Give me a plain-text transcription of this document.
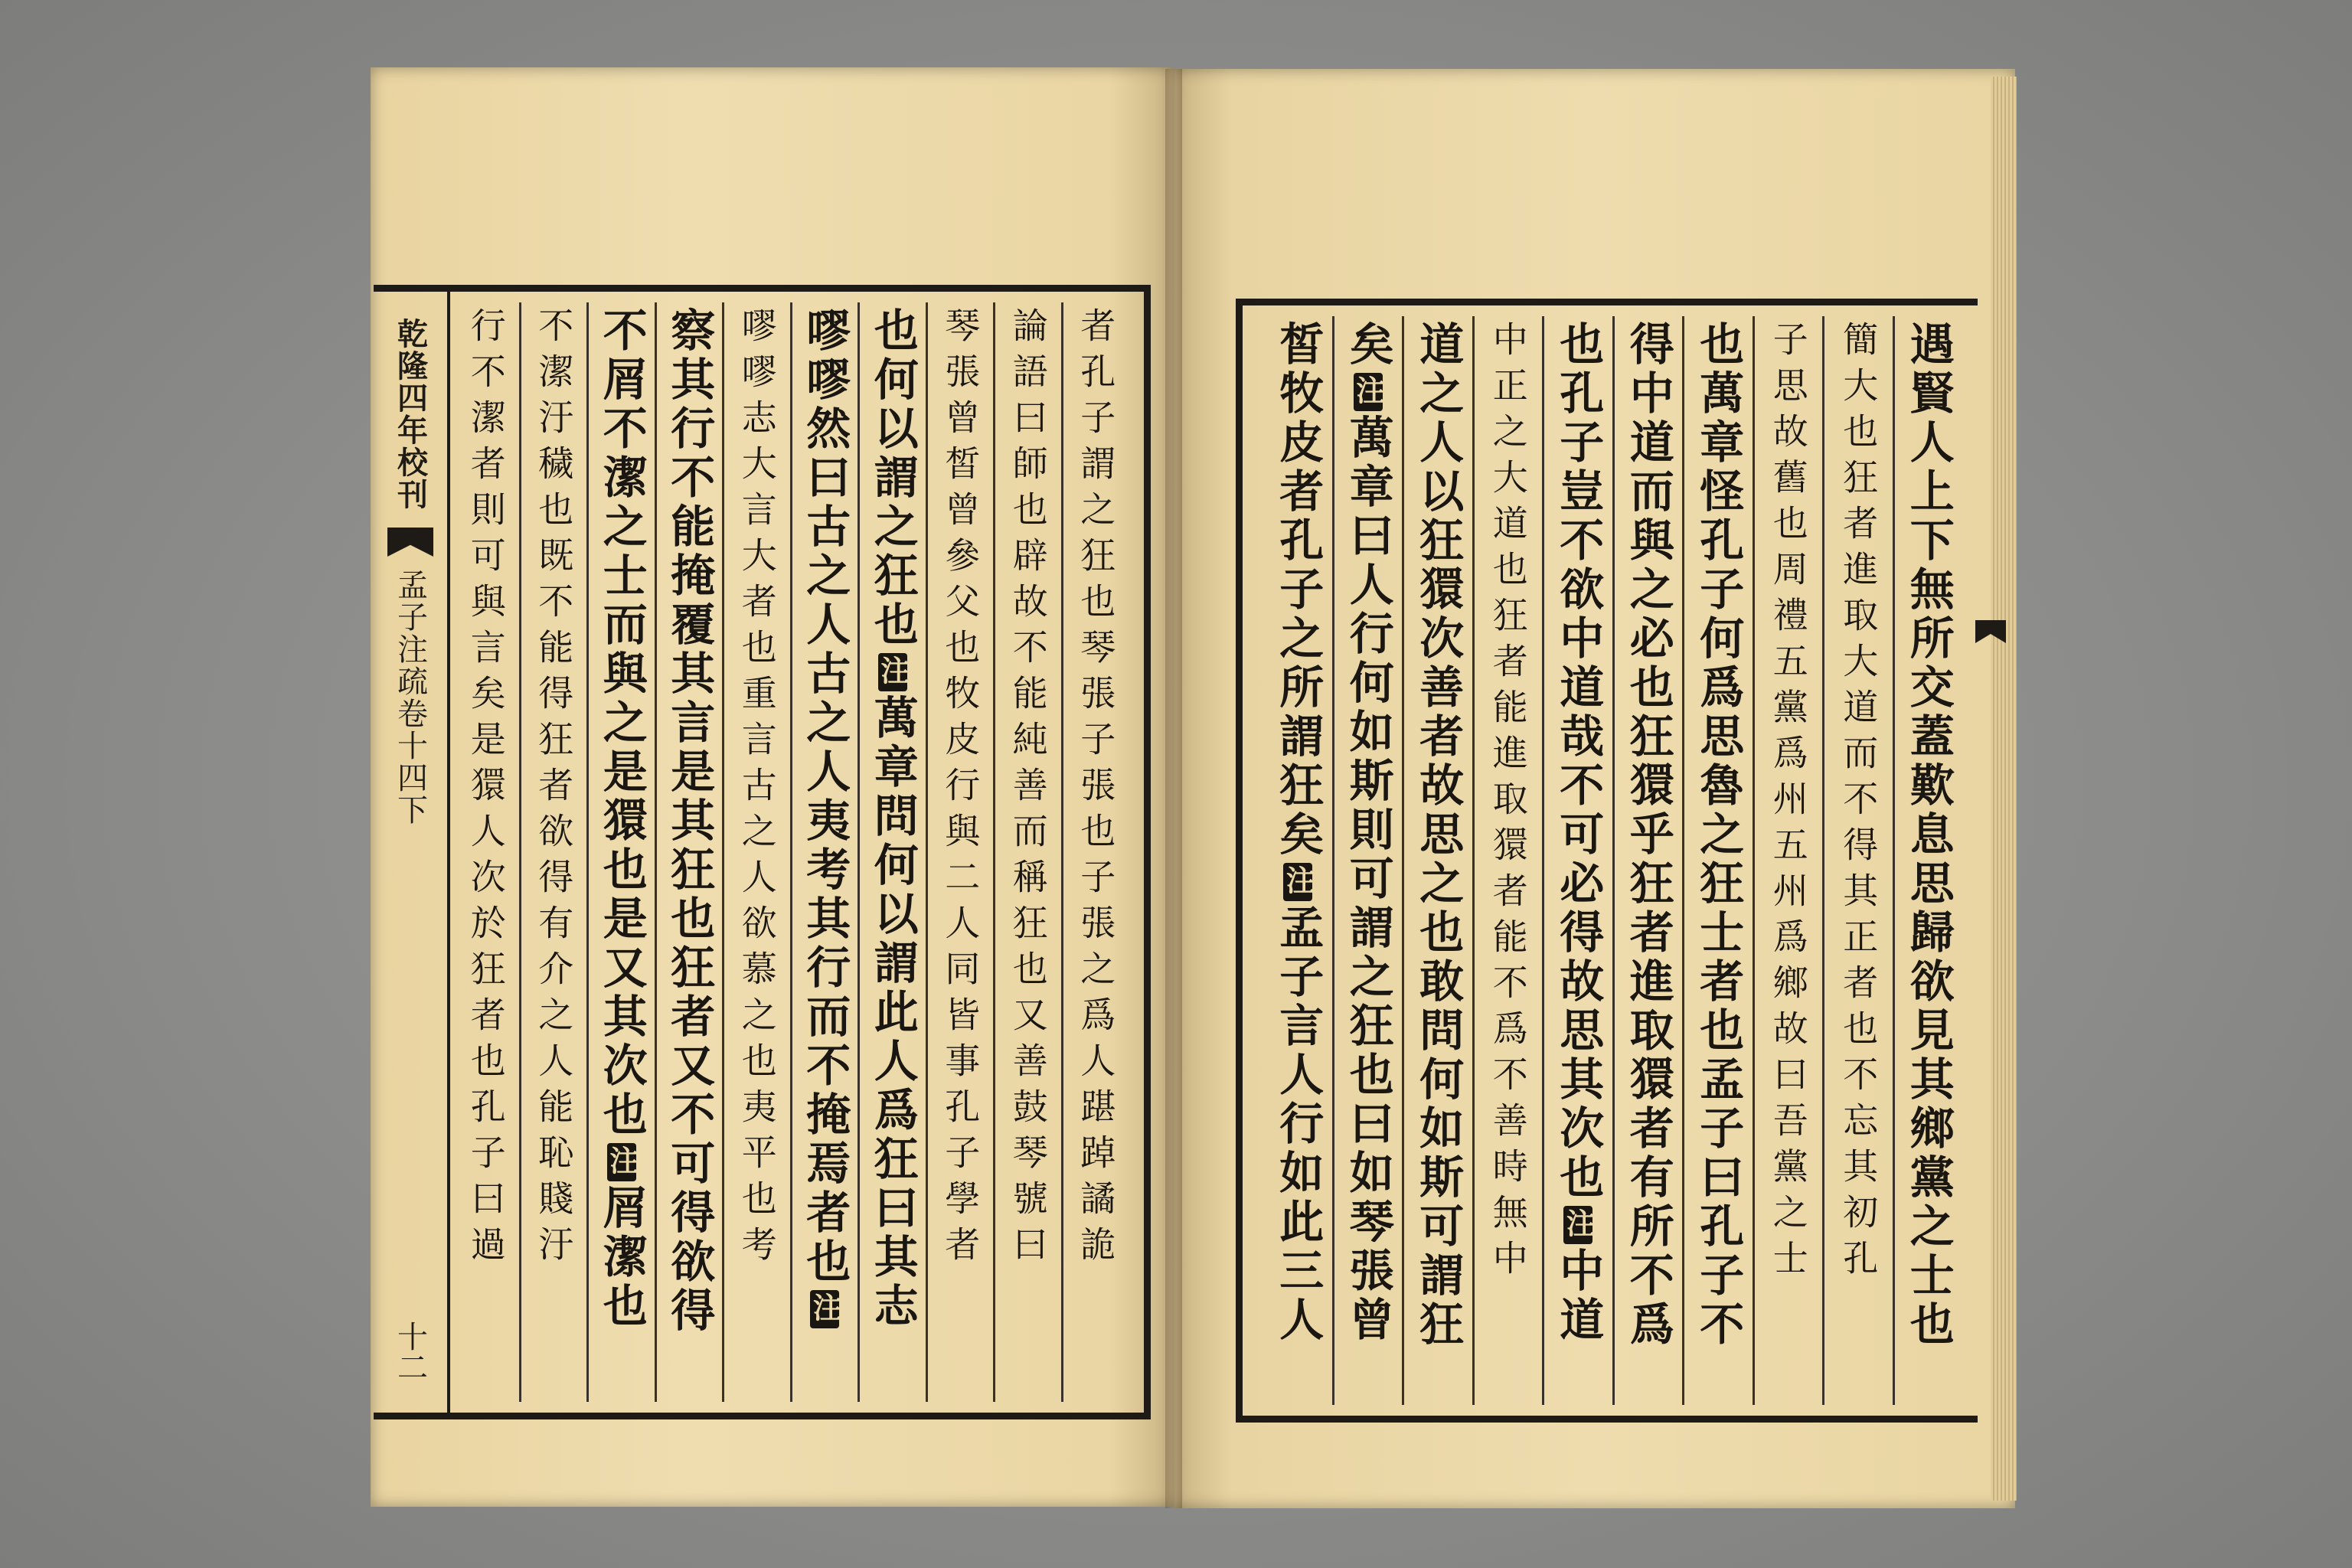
乾隆四年校刊
孟子注疏卷十四下
十二
者孔子謂之狂也琴張子張也子張之爲人踸踔譎詭
論語曰師也辟故不能純善而稱狂也又善鼓琴號曰
琴張曾皙曾參父也牧皮行與二人同皆事孔子學者
也何以謂之狂也注萬章問何以謂此人爲狂曰其志
嘐嘐然曰古之人古之人夷考其行而不掩焉者也注
嘐嘐志大言大者也重言古之人欲慕之也夷平也考
察其行不能掩覆其言是其狂也狂者又不可得欲得
不屑不潔之士而與之是獧也是又其次也注屑潔也
不潔汙穢也既不能得狂者欲得有介之人能恥賤汙
行不潔者則可與言矣是獧人次於狂者也孔子曰過	遇賢人上下無所交蓋歎息思歸欲見其鄉黨之士也
簡大也狂者進取大道而不得其正者也不忘其初孔
子思故舊也周禮五黨爲州五州爲鄉故曰吾黨之士
也萬章怪孔子何爲思魯之狂士者也孟子曰孔子不
得中道而與之必也狂獧乎狂者進取獧者有所不爲
也孔子豈不欲中道哉不可必得故思其次也注中道
中正之大道也狂者能進取獧者能不爲不善時無中
道之人以狂獧次善者故思之也敢問何如斯可謂狂
矣注萬章曰人行何如斯則可謂之狂也曰如琴張曾
皙牧皮者孔子之所謂狂矣注孟子言人行如此三人
